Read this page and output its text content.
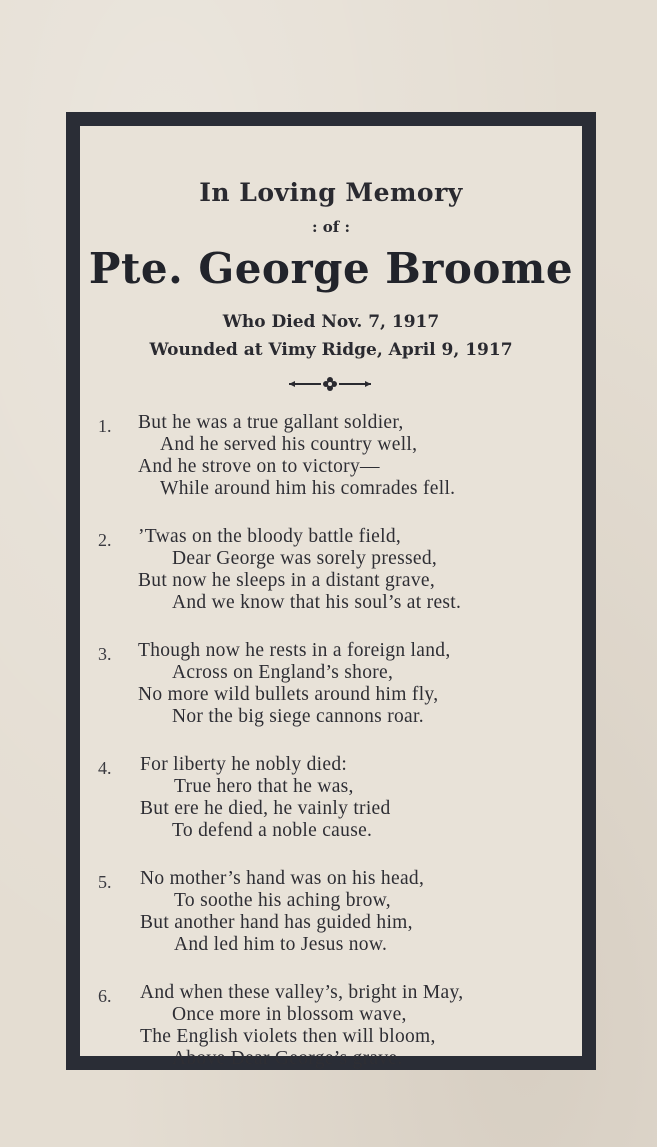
In Loving Memory
: of :
Pte. George Broome
Who Died Nov. 7, 1917
Wounded at Vimy Ridge, April 9, 1917
1. But he was a true gallant soldier,
And he served his country well,
And he strove on to victory—
While around him his comrades fell.
2. ’Twas on the bloody battle field,
Dear George was sorely pressed,
But now he sleeps in a distant grave,
And we know that his soul’s at rest.
3. Though now he rests in a foreign land,
Across on England’s shore,
No more wild bullets around him fly,
Nor the big siege cannons roar.
4. For liberty he nobly died:
True hero that he was,
But ere he died, he vainly tried
To defend a noble cause.
5. No mother’s hand was on his head,
To soothe his aching brow,
But another hand has guided him,
And led him to Jesus now.
6. And when these valley’s, bright in May,
Once more in blossom wave,
The English violets then will bloom,
Above Dear George’s grave.
